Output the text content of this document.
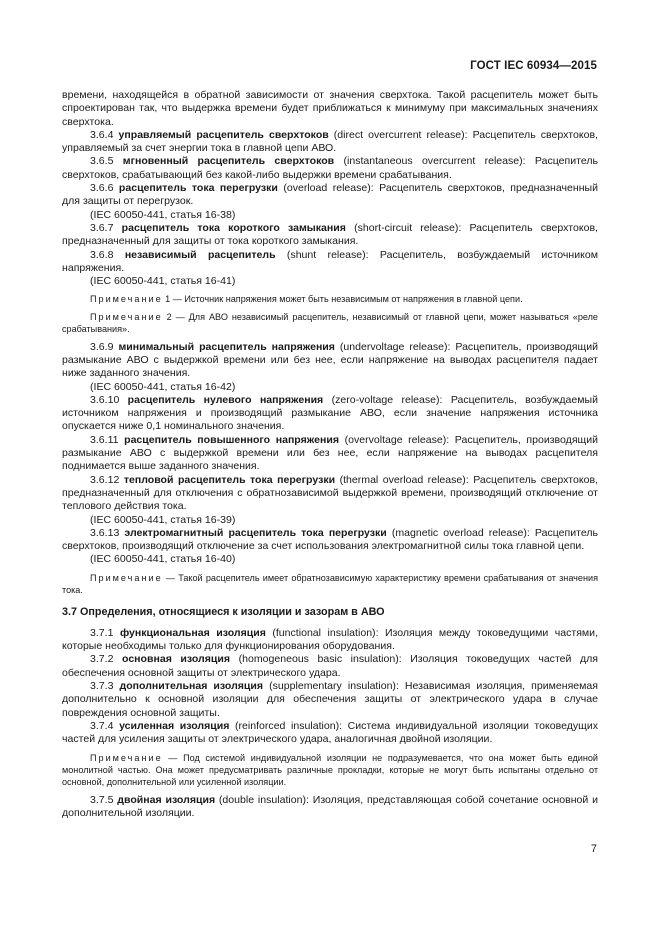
ГОСТ IEC 60934—2015

времени, находящейся в обратной зависимости от значения сверхтока. Такой расцепитель может быть спроектирован так, что выдержка времени будет приближаться к минимуму при максимальных значениях сверхтока.

3.6.4 управляемый расцепитель сверхтоков (direct overcurrent release): Расцепитель сверхтоков, управляемый за счет энергии тока в главной цепи АВО.

3.6.5 мгновенный расцепитель сверхтоков (instantaneous overcurrent release): Расцепитель сверхтоков, срабатывающий без какой-либо выдержки времени срабатывания.

3.6.6 расцепитель тока перегрузки (overload release): Расцепитель сверхтоков, предназначенный для защиты от перегрузок.

(IEC 60050-441, статья 16-38)

3.6.7 расцепитель тока короткого замыкания (short-circuit release): Расцепитель сверхтоков, предназначенный для защиты от тока короткого замыкания.

3.6.8 независимый расцепитель (shunt release): Расцепитель, возбуждаемый источником напряжения.

(IEC 60050-441, статья 16-41)

Примечание 1 — Источник напряжения может быть независимым от напряжения в главной цепи.

Примечание 2 — Для АВО независимый расцепитель, независимый от главной цепи, может называться «реле срабатывания».

3.6.9 минимальный расцепитель напряжения (undervoltage release): Расцепитель, производящий размыкание АВО с выдержкой времени или без нее, если напряжение на выводах расцепителя падает ниже заданного значения.

(IEC 60050-441, статья 16-42)

3.6.10 расцепитель нулевого напряжения (zero-voltage release): Расцепитель, возбуждаемый источником напряжения и производящий размыкание АВО, если значение напряжения источника опускается ниже 0,1 номинального значения.

3.6.11 расцепитель повышенного напряжения (overvoltage release): Расцепитель, производящий размыкание АВО с выдержкой времени или без нее, если напряжение на выводах расцепителя поднимается выше заданного значения.

3.6.12 тепловой расцепитель тока перегрузки (thermal overload release): Расцепитель сверхтоков, предназначенный для отключения с обратнозависимой выдержкой времени, производящий отключение от теплового действия тока.

(IEC 60050-441, статья 16-39)

3.6.13 электромагнитный расцепитель тока перегрузки (magnetic overload release): Расцепитель сверхтоков, производящий отключение за счет использования электромагнитной силы тока главной цепи.

(IEC 60050-441, статья 16-40)

Примечание — Такой расцепитель имеет обратнозависимую характеристику времени срабатывания от значения тока.

3.7 Определения, относящиеся к изоляции и зазорам в АВО

3.7.1 функциональная изоляция (functional insulation): Изоляция между токоведущими частями, которые необходимы только для функционирования оборудования.

3.7.2 основная изоляция (homogeneous basic insulation): Изоляция токоведущих частей для обеспечения основной защиты от электрического удара.

3.7.3 дополнительная изоляция (supplementary insulation): Независимая изоляция, применяемая дополнительно к основной изоляции для обеспечения защиты от электрического удара в случае повреждения основной защиты.

3.7.4 усиленная изоляция (reinforced insulation): Система индивидуальной изоляции токоведущих частей для усиления защиты от электрического удара, аналогичная двойной изоляции.

Примечание — Под системой индивидуальной изоляции не подразумевается, что она может быть единой монолитной частью. Она может предусматривать различные прокладки, которые не могут быть испытаны отдельно от основной, дополнительной или усиленной изоляции.

3.7.5 двойная изоляция (double insulation): Изоляция, представляющая собой сочетание основной и дополнительной изоляции.

7
